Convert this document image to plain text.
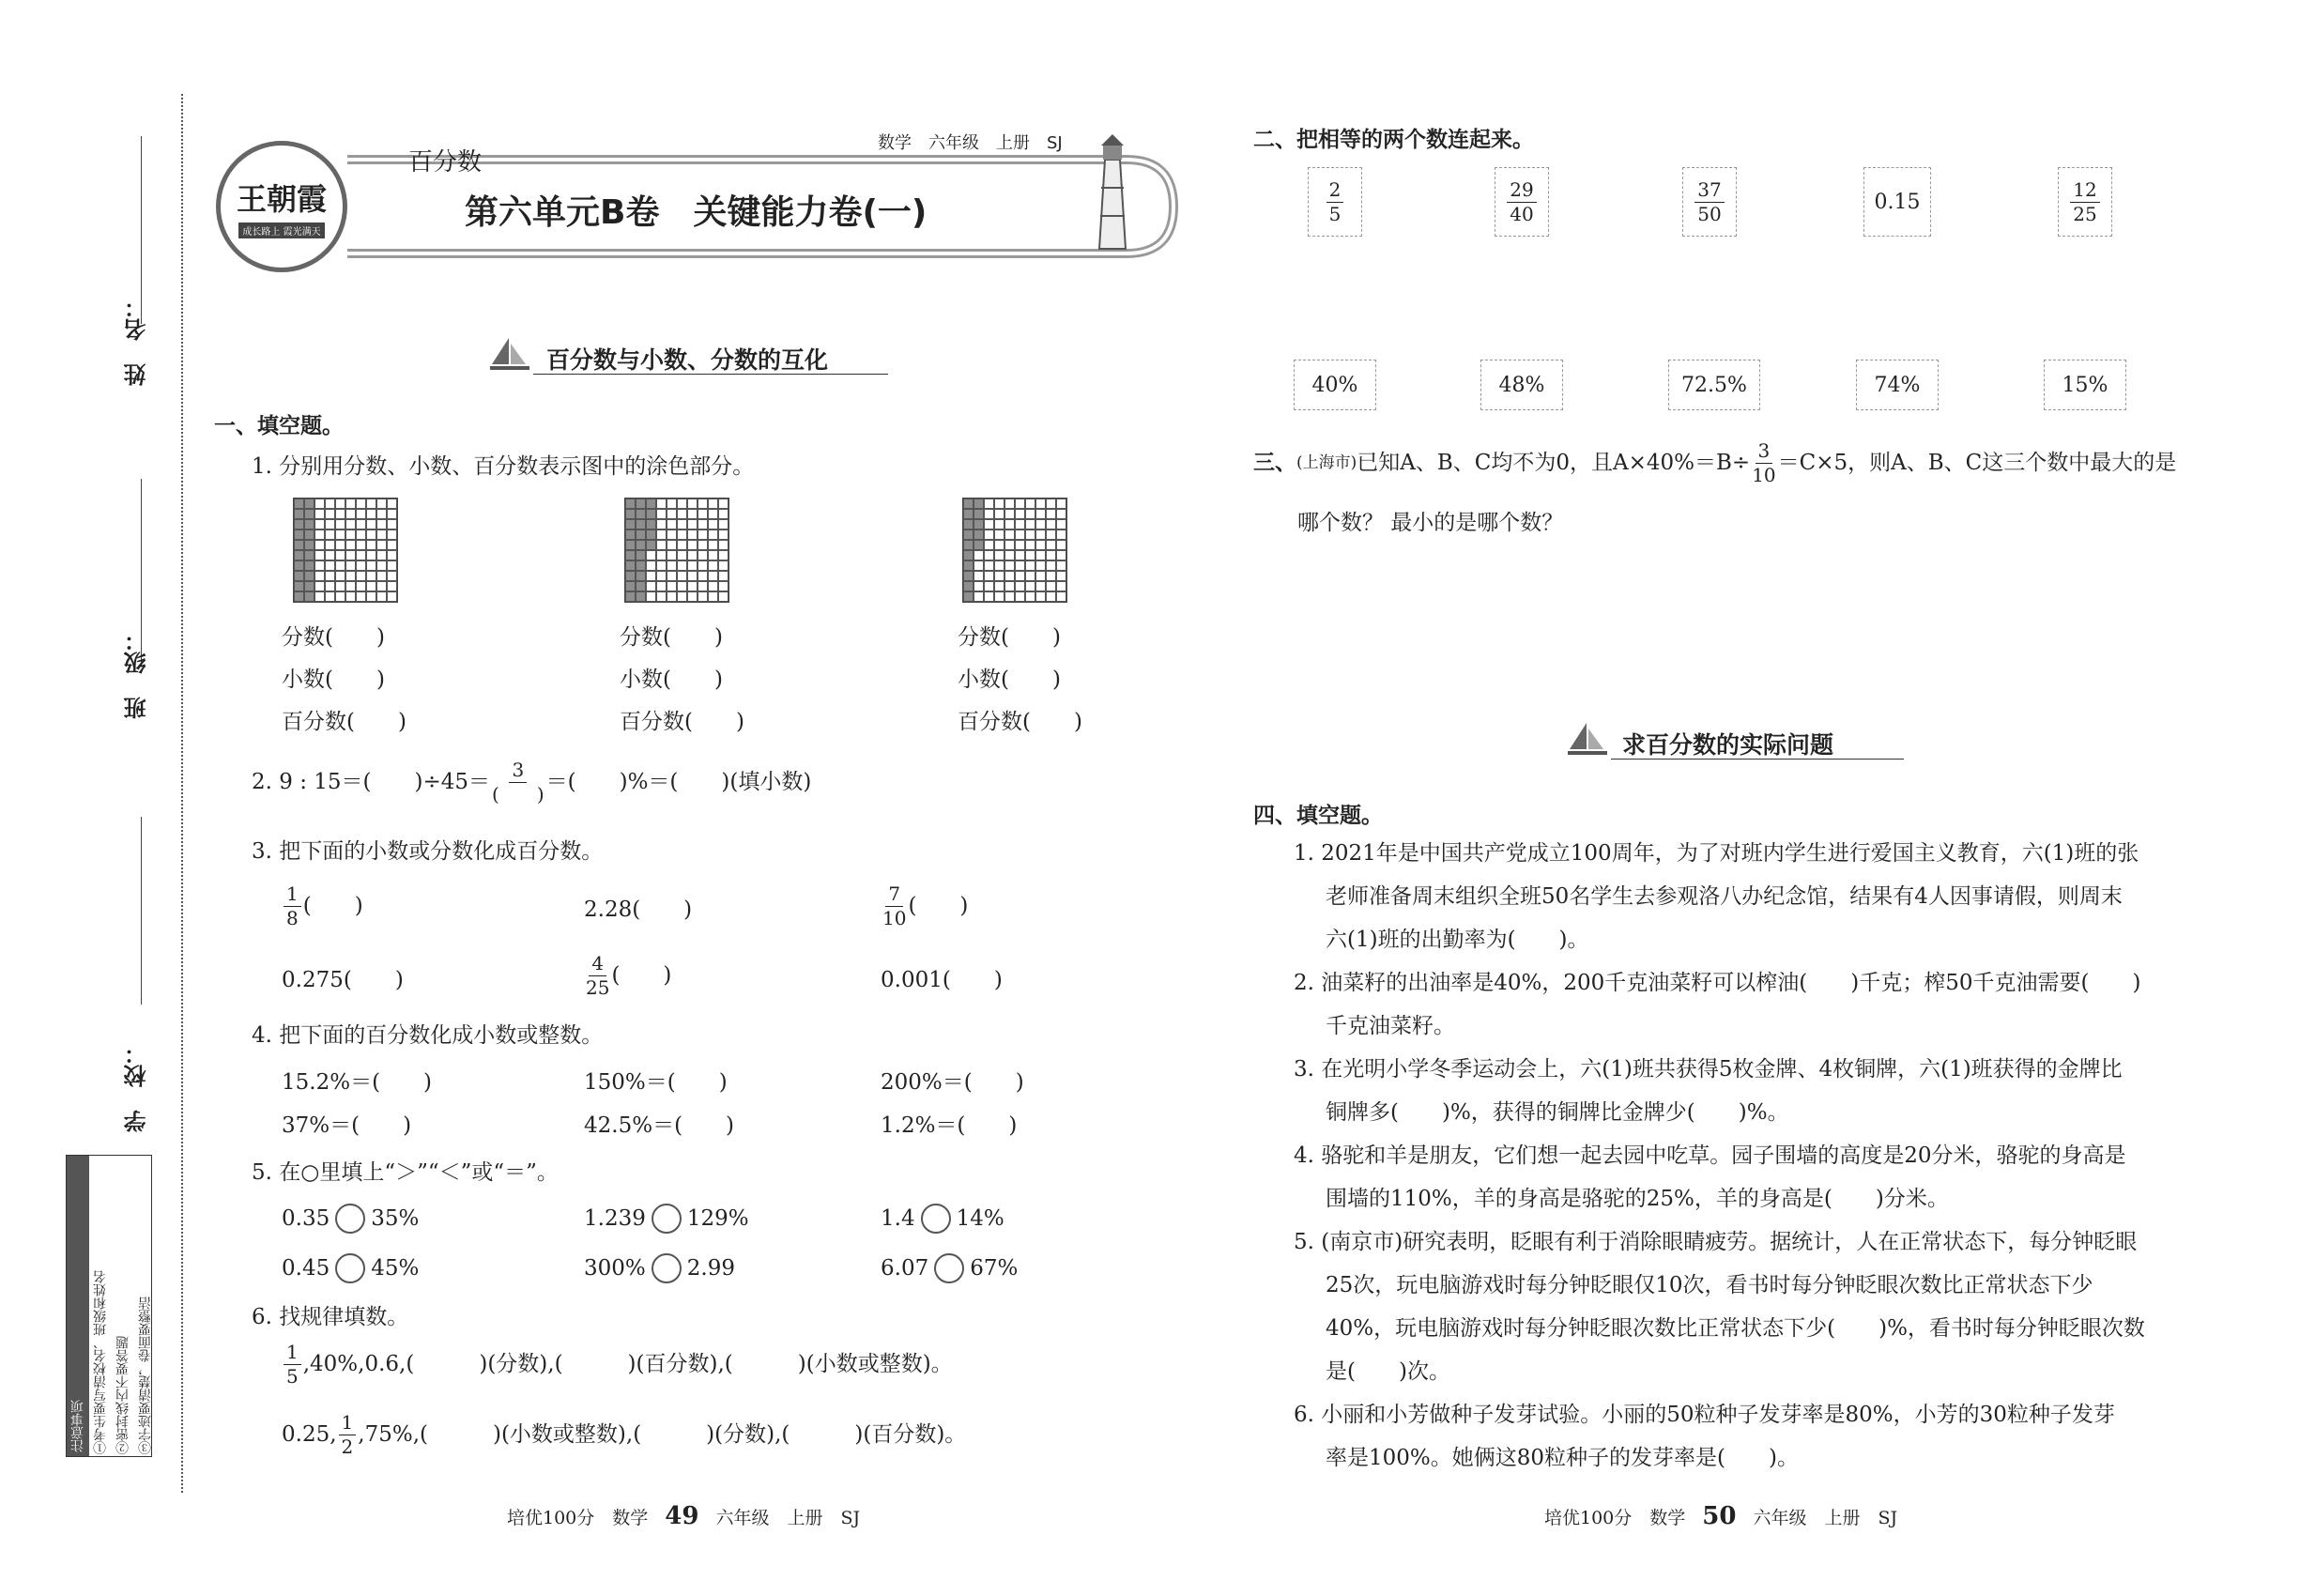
姓　名：
班　级：
学　校：
注意事项 ①考生要写清校名、班级和姓名 ②密封线内不要答题 ③字迹要清楚，卷面要整洁
王朝霞
成长路上 霞光满天
百分数
数学　六年级　上册　SJ
第六单元B卷　关键能力卷(一)
百分数与小数、分数的互化
一、填空题。
1. 分别用分数、小数、百分数表示图中的涂色部分。
分数(　　)
小数(　　)
百分数(　　)
分数(　　)
小数(　　)
百分数(　　)
分数(　　)
小数(　　)
百分数(　　)
2. 9 : 15＝(　　)$\div 45= \frac{3}{( )}$ ＝(　　)%＝(　　)(填小数)
3. 把下面的小数或分数化成百分数。
$\frac{1}{8}$ (　　)	2.28(　　)	$\frac{7}{10}$ (　　)
0.275(　　)	$\frac{4}{25}$ (　　)	0.001(　　)
4. 把下面的百分数化成小数或整数。
15.2%＝(　　)	150%＝(　　)	200%＝(　　)
37%＝(　　)	42.5%＝(　　)	1.2%＝(　　)
5. 在○里填上“＞”“＜”或“＝”。
0.35 35%	1.239 129%	1.4 14%
0.45 45%	300% 2.99	6.07 67%
6. 找规律填数。
$\frac{1}{5} ,40\%,0.6$,(　　　)(分数),(　　　)(百分数),(　　　)(小数或整数)。
0.25, $\frac{1}{2} ,75\%$,(　　　)(小数或整数),(　　　)(分数),(　　　)(百分数)。
培优100分　数学 49 六年级　上册　SJ
二、把相等的两个数连起来。
$\frac{2}{5}$	$\frac{29}{40}$	$\frac{37}{50}$	0.15	$\frac{12}{25}$
40%	48%	72.5%	74%	15%
三、 (上海市) 已知A、B、C均不为0，且$A\times 40\%=B\div \frac{3}{10} =C\times 5$，则A、B、C这三个数中最大的是
哪个数？ 最小的是哪个数？
求百分数的实际问题
四、填空题。
1. 2021年是中国共产党成立100周年，为了对班内学生进行爱国主义教育，六(1)班的张
老师准备周末组织全班50名学生去参观洛八办纪念馆，结果有4人因事请假，则周末
六(1)班的出勤率为(　　)。
2. 油菜籽的出油率是40%，200千克油菜籽可以榨油(　　)千克；榨50千克油需要(　　)
千克油菜籽。
3. 在光明小学冬季运动会上，六(1)班共获得5枚金牌、4枚铜牌，六(1)班获得的金牌比
铜牌多(　　)%，获得的铜牌比金牌少(　　)%。
4. 骆驼和羊是朋友，它们想一起去园中吃草。园子围墙的高度是20分米，骆驼的身高是
围墙的110%，羊的身高是骆驼的25%，羊的身高是(　　)分米。
5. (南京市)研究表明，眨眼有利于消除眼睛疲劳。据统计，人在正常状态下，每分钟眨眼
25次，玩电脑游戏时每分钟眨眼仅10次，看书时每分钟眨眼次数比正常状态下少
40%，玩电脑游戏时每分钟眨眼次数比正常状态下少(　　)%，看书时每分钟眨眼次数
是(　　)次。
6. 小丽和小芳做种子发芽试验。小丽的50粒种子发芽率是80%，小芳的30粒种子发芽
率是100%。她俩这80粒种子的发芽率是(　　)。
培优100分　数学 50 六年级　上册　SJ
